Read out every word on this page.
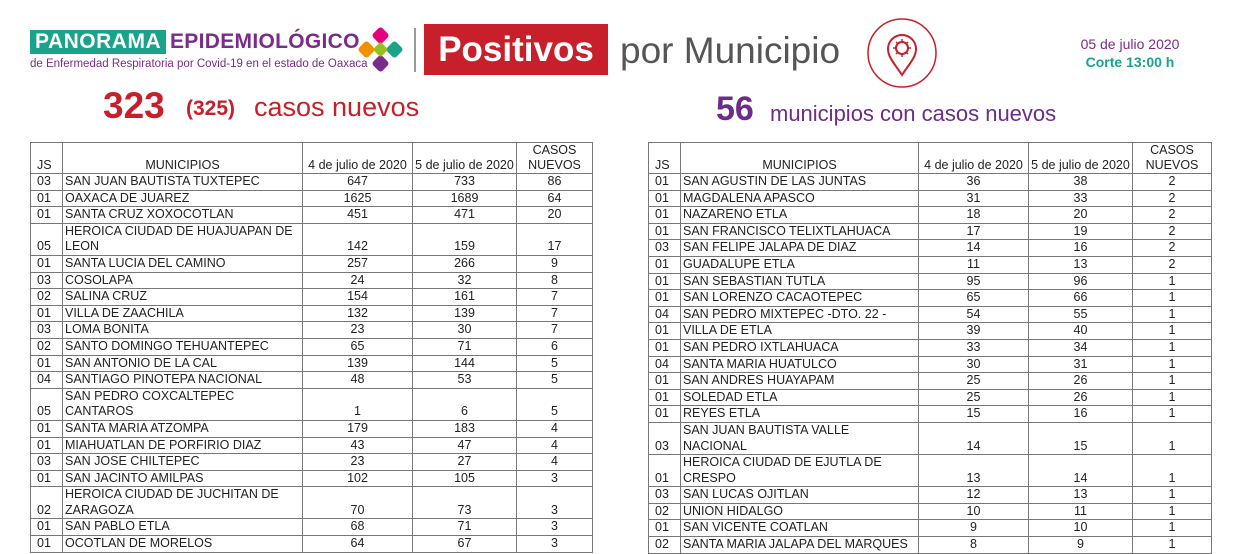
PANORAMA EPIDEMIOLÓGICO
de Enfermedad Respiratoria por Covid-19 en el estado de Oaxaca	Positivos por Municipio	05 de julio 2020
Corte 13:00 h
323 (325) casos nuevos	56 municipios con casos nuevos
JS	MUNICIPIOS	4 de julio de 2020	5 de julio de 2020	CASOS NUEVOS
03	SAN JUAN BAUTISTA TUXTEPEC	647	733	86
01	OAXACA DE JUAREZ	1625	1689	64
01	SANTA CRUZ XOXOCOTLAN	451	471	20
05	HEROICA CIUDAD DE HUAJUAPAN DE LEON	142	159	17
01	SANTA LUCIA DEL CAMINO	257	266	9
03	COSOLAPA	24	32	8
02	SALINA CRUZ	154	161	7
01	VILLA DE ZAACHILA	132	139	7
03	LOMA BONITA	23	30	7
02	SANTO DOMINGO TEHUANTEPEC	65	71	6
01	SAN ANTONIO DE LA CAL	139	144	5
04	SANTIAGO PINOTEPA NACIONAL	48	53	5
05	SAN PEDRO COXCALTEPEC CANTAROS	1	6	5
01	SANTA MARIA ATZOMPA	179	183	4
01	MIAHUATLAN DE PORFIRIO DIAZ	43	47	4
03	SAN JOSE CHILTEPEC	23	27	4
01	SAN JACINTO AMILPAS	102	105	3
02	HEROICA CIUDAD DE JUCHITAN DE ZARAGOZA	70	73	3
01	SAN PABLO ETLA	68	71	3
01	OCOTLAN DE MORELOS	64	67	3
JS	MUNICIPIOS	4 de julio de 2020	5 de julio de 2020	CASOS NUEVOS
01	SAN AGUSTIN DE LAS JUNTAS	36	38	2
01	MAGDALENA APASCO	31	33	2
01	NAZARENO ETLA	18	20	2
01	SAN FRANCISCO TELIXTLAHUACA	17	19	2
03	SAN FELIPE JALAPA DE DIAZ	14	16	2
01	GUADALUPE ETLA	11	13	2
01	SAN SEBASTIAN TUTLA	95	96	1
01	SAN LORENZO CACAOTEPEC	65	66	1
04	SAN PEDRO MIXTEPEC -DTO. 22 -	54	55	1
01	VILLA DE ETLA	39	40	1
01	SAN PEDRO IXTLAHUACA	33	34	1
04	SANTA MARIA HUATULCO	30	31	1
01	SAN ANDRES HUAYAPAM	25	26	1
01	SOLEDAD ETLA	25	26	1
01	REYES ETLA	15	16	1
03	SAN JUAN BAUTISTA VALLE NACIONAL	14	15	1
01	HEROICA CIUDAD DE EJUTLA DE CRESPO	13	14	1
03	SAN LUCAS OJITLAN	12	13	1
02	UNION HIDALGO	10	11	1
01	SAN VICENTE COATLAN	9	10	1
02	SANTA MARIA JALAPA DEL MARQUES	8	9	1
